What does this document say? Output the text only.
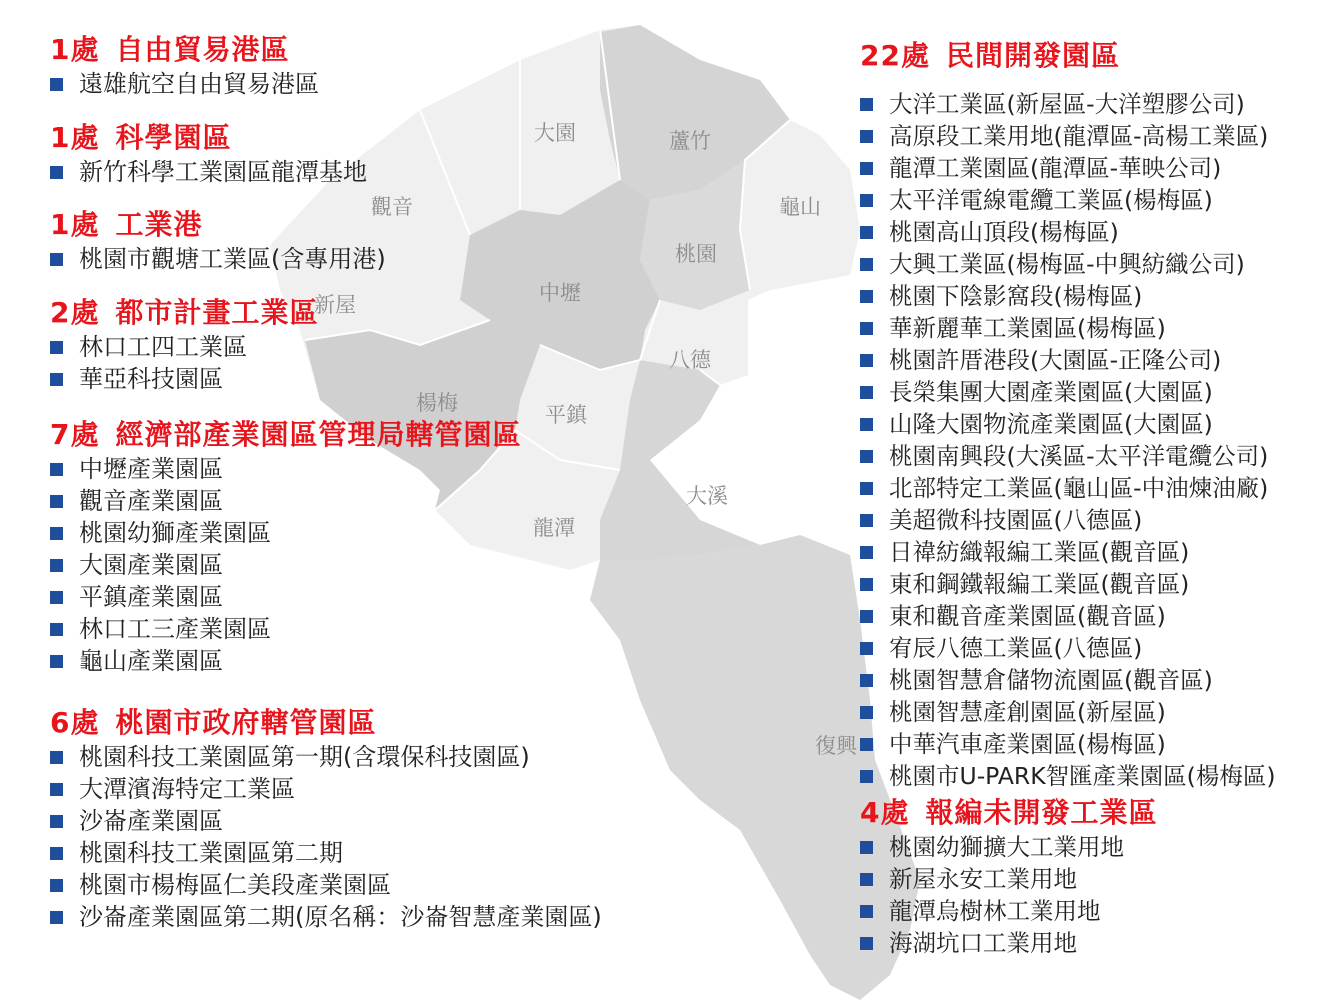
大園	蘆竹
觀音	龜山
桃園
中壢
新屋
八德
楊梅	平鎮
大溪
龍潭
復興
1處 自由貿易港區
遠雄航空自由貿易港區
1處 科學園區
新竹科學工業園區龍潭基地
1處 工業港
桃園市觀塘工業區(含專用港)
2處 都市計畫工業區
林口工四工業區
華亞科技園區
7處 經濟部產業園區管理局轄管園區
中壢產業園區
觀音產業園區
桃園幼獅產業園區
大園產業園區
平鎮產業園區
林口工三產業園區
龜山產業園區
6處 桃園市政府轄管園區
桃園科技工業園區第一期(含環保科技園區)
大潭濱海特定工業區
沙崙產業園區
桃園科技工業園區第二期
桃園市楊梅區仁美段產業園區
沙崙產業園區第二期(原名稱：沙崙智慧產業園區)
22處 民間開發園區
大洋工業區(新屋區-大洋塑膠公司)
高原段工業用地(龍潭區-高楊工業區)
龍潭工業園區(龍潭區-華映公司)
太平洋電線電纜工業區(楊梅區)
桃園高山頂段(楊梅區)
大興工業區(楊梅區-中興紡織公司)
桃園下陰影窩段(楊梅區)
華新麗華工業園區(楊梅區)
桃園許厝港段(大園區-正隆公司)
長榮集團大園產業園區(大園區)
山隆大園物流產業園區(大園區)
桃園南興段(大溪區-太平洋電纜公司)
北部特定工業區(龜山區-中油煉油廠)
美超微科技園區(八德區)
日禕紡織報編工業區(觀音區)
東和鋼鐵報編工業區(觀音區)
東和觀音產業園區(觀音區)
宥辰八德工業區(八德區)
桃園智慧倉儲物流園區(觀音區)
桃園智慧產創園區(新屋區)
中華汽車產業園區(楊梅區)
桃園市U-PARK智匯產業園區(楊梅區)
4處 報編未開發工業區
桃園幼獅擴大工業用地
新屋永安工業用地
龍潭烏樹林工業用地
海湖坑口工業用地
